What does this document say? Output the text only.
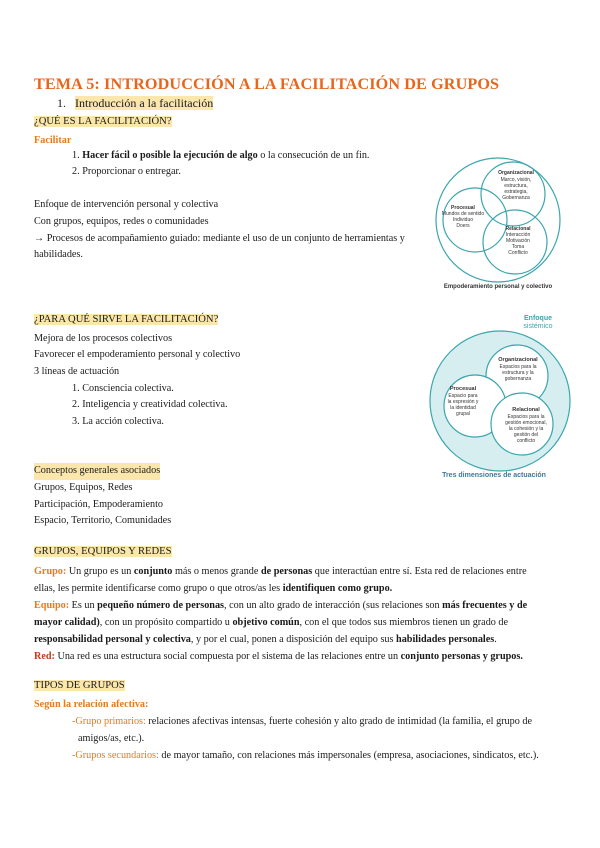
TEMA 5: INTRODUCCIÓN A LA FACILITACIÓN DE GRUPOS
1. Introducción a la facilitación
¿QUÉ ES LA FACILITACIÓN?
Facilitar
1. Hacer fácil o posible la ejecución de algo o la consecución de un fin.
2. Proporcionar o entregar.
Enfoque de intervención personal y colectiva
Con grupos, equipos, redes o comunidades
→ Procesos de acompañamiento guiado: mediante el uso de un conjunto de herramientas y
habilidades.
Organizacional
Marco, visión,
estructura,
estrategia,
Gobernanza
Procesual
Mundos de sentido
Individuo
Doers	Relacional
Interacción
Motivación
Toma
Conflicto
Empoderamiento personal y colectivo
¿PARA QUÉ SIRVE LA FACILITACIÓN?
Mejora de los procesos colectivos
Favorecer el empoderamiento personal y colectivo
3 líneas de actuación
1. Consciencia colectiva.
2. Inteligencia y creatividad colectiva.
3. La acción colectiva.
Enfoque
sistémico
Organizacional
Espacios para la
estructura y la
gobernanza
Procesual
Espacio para
la expresión y
la identidad
grupal
Relacional
Espacios para la
gestión emocional,
la cohesión y la
gestión del
conflicto
Tres dimensiones de actuación
Conceptos generales asociados
Grupos, Equipos, Redes
Participación, Empoderamiento
Espacio, Territorio, Comunidades
GRUPOS, EQUIPOS Y REDES
Grupo: Un grupo es un conjunto más o menos grande de personas que interactúan entre sí. Esta red de relaciones entre ellas, les permite identificarse como grupo o que otros/as les identifiquen como grupo.
Equipo: Es un pequeño número de personas, con un alto grado de interacción (sus relaciones son más frecuentes y de mayor calidad), con un propósito compartido u objetivo común, con el que todos sus miembros tienen un grado de responsabilidad personal y colectiva, y por el cual, ponen a disposición del equipo sus habilidades personales.
Red: Una red es una estructura social compuesta por el sistema de las relaciones entre un conjunto personas y grupos.
TIPOS DE GRUPOS
Según la relación afectiva:
-Grupo primarios: relaciones afectivas intensas, fuerte cohesión y alto grado de intimidad (la familia, el grupo de
amigos/as, etc.).
-Grupos secundarios: de mayor tamaño, con relaciones más impersonales (empresa, asociaciones, sindicatos, etc.).
